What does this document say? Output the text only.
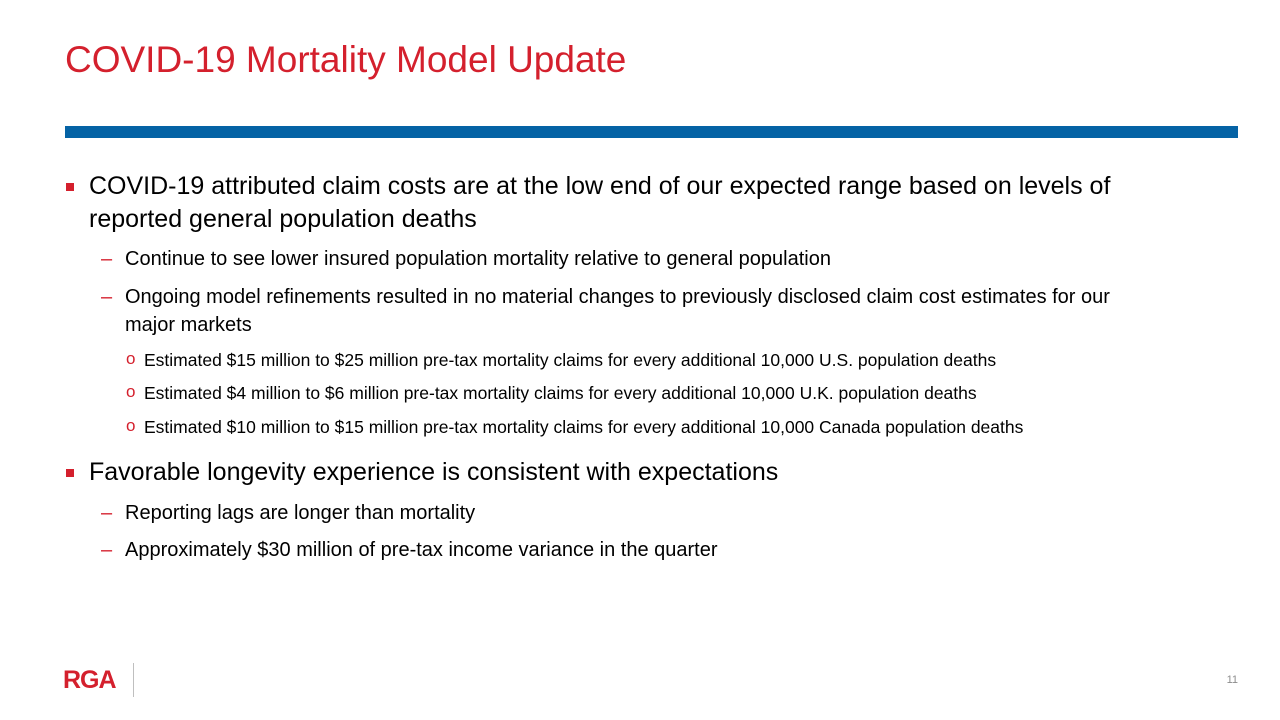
COVID-19 Mortality Model Update
COVID-19 attributed claim costs are at the low end of our expected range based on levels of reported general population deaths
– Continue to see lower insured population mortality relative to general population
– Ongoing model refinements resulted in no material changes to previously disclosed claim cost estimates for our major markets
o Estimated $15 million to $25 million pre-tax mortality claims for every additional 10,000 U.S. population deaths
o Estimated $4 million to $6 million pre-tax mortality claims for every additional 10,000 U.K. population deaths
o Estimated $10 million to $15 million pre-tax mortality claims for every additional 10,000 Canada population deaths
Favorable longevity experience is consistent with expectations
– Reporting lags are longer than mortality
– Approximately $30 million of pre-tax income variance in the quarter
RGA	11
